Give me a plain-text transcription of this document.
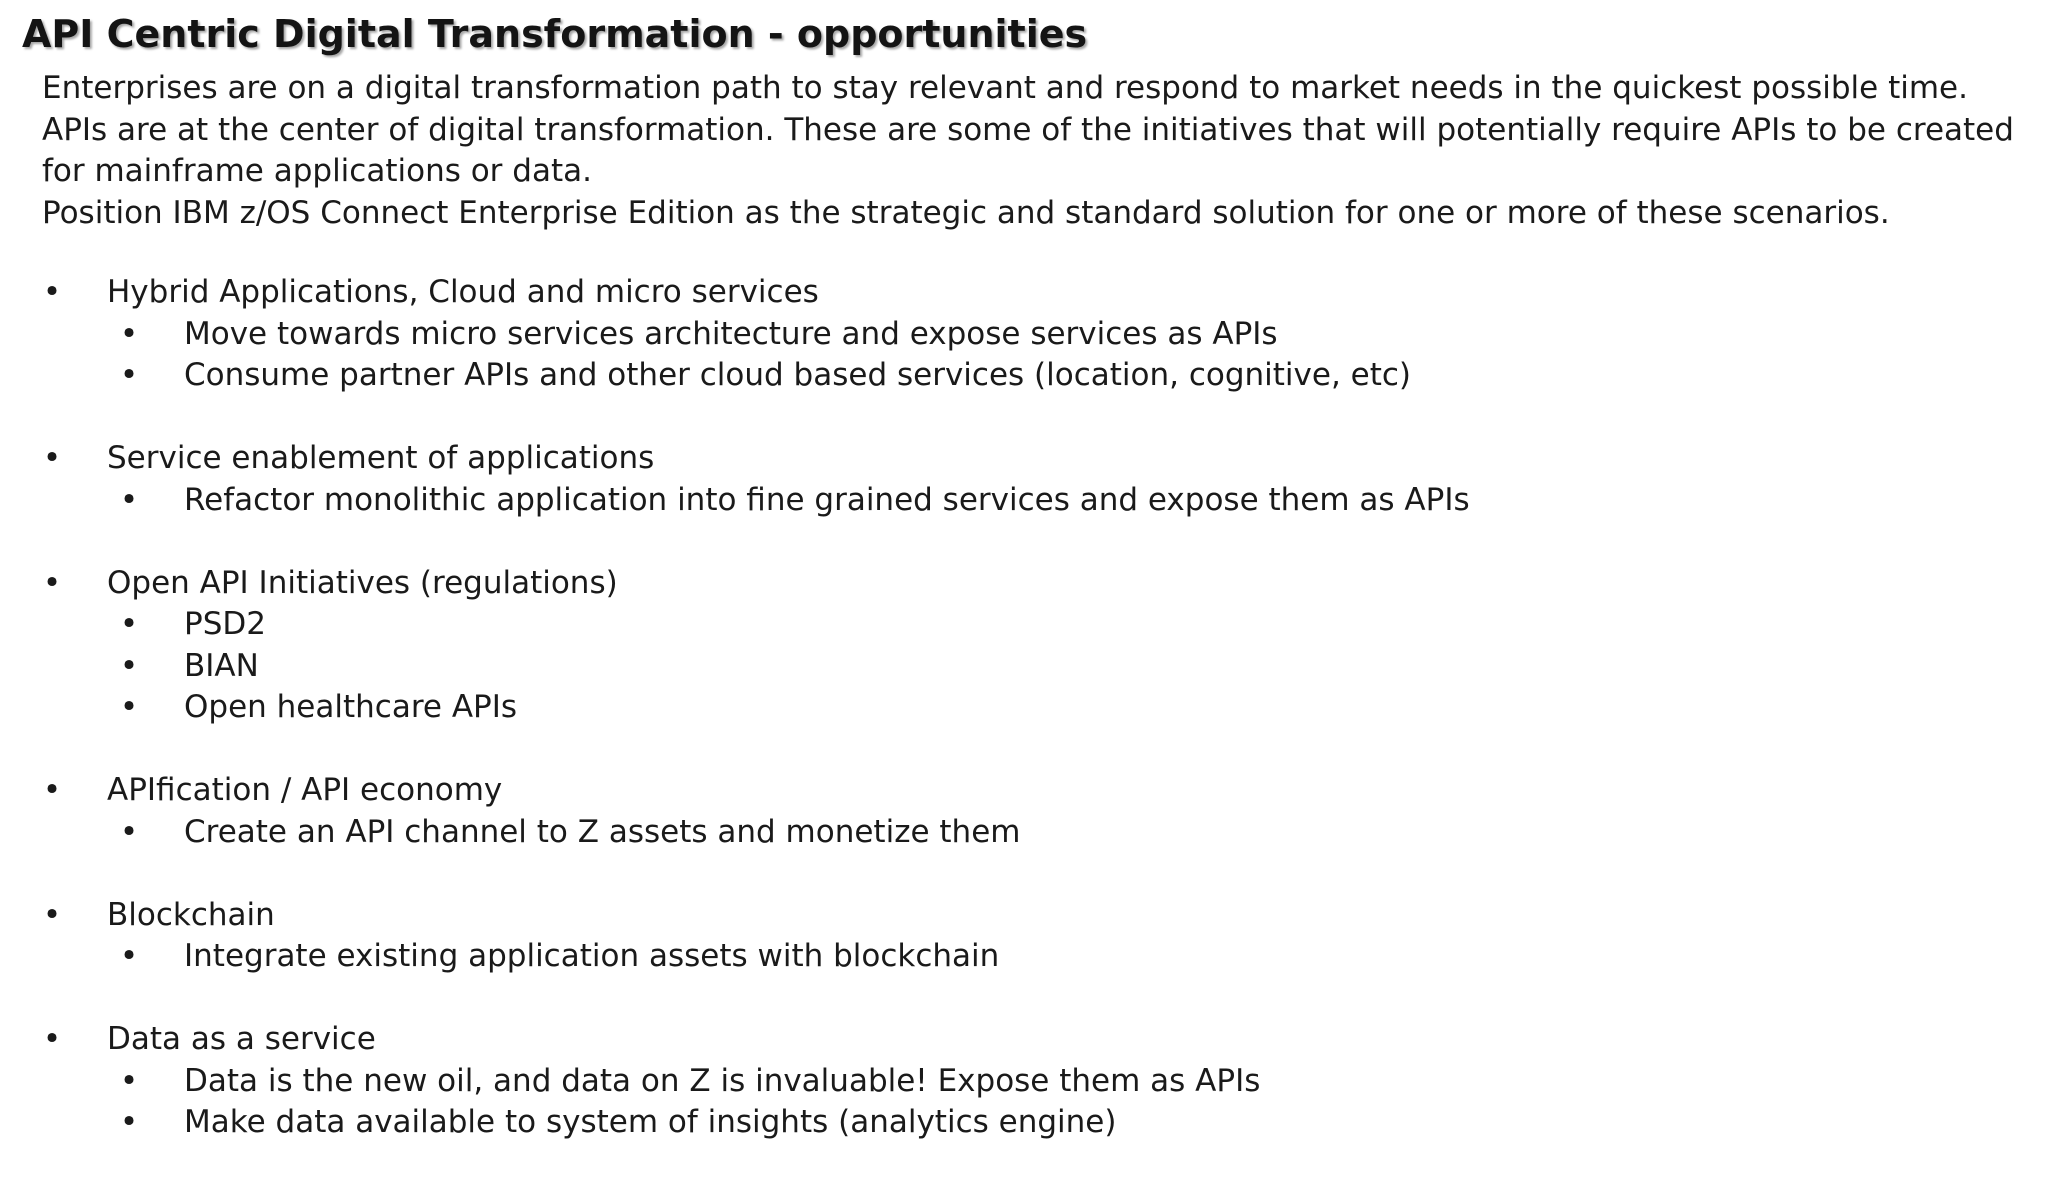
API Centric Digital Transformation - opportunities

Enterprises are on a digital transformation path to stay relevant and respond to market needs in the quickest possible time.

APIs are at the center of digital transformation. These are some of the initiatives that will potentially require APIs to be created for mainframe applications or data.

Position IBM z/OS Connect Enterprise Edition as the strategic and standard solution for one or more of these scenarios.

• Hybrid Applications, Cloud and micro services
• Move towards micro services architecture and expose services as APIs
• Consume partner APIs and other cloud based services (location, cognitive, etc)
• Service enablement of applications
• Refactor monolithic application into fine grained services and expose them as APIs
• Open API Initiatives (regulations)
• PSD2
• BIAN
• Open healthcare APIs
• APIfication / API economy
• Create an API channel to Z assets and monetize them
• Blockchain
• Integrate existing application assets with blockchain
• Data as a service
• Data is the new oil, and data on Z is invaluable! Expose them as APIs
• Make data available to system of insights (analytics engine)
